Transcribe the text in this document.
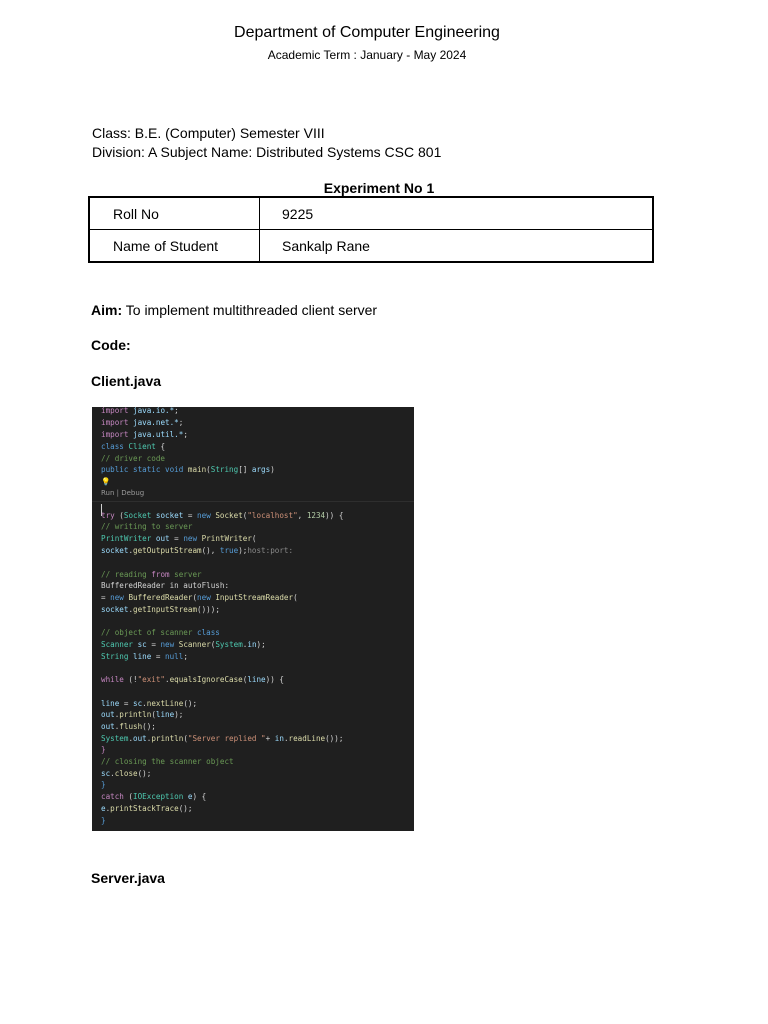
Department of Computer Engineering
Academic Term : January - May 2024
Class: B.E. (Computer) Semester VIII
Division: A Subject Name: Distributed Systems CSC 801
Experiment No 1
Roll No	9225
Name of Student	Sankalp Rane
Aim: To implement multithreaded client server
Code:
Client.java
import java.io.*;
import java.net.*;
import java.util.*;
class Client {
// driver code
public static void main(String[] args)
💡
Run | Debug
try (Socket socket = new Socket("localhost", 1234)) {
// writing to server
PrintWriter out = new PrintWriter(
socket.getOutputStream(), true);host:port:
// reading from server
BufferedReader in autoFlush:
= new BufferedReader(new InputStreamReader(
socket.getInputStream()));
// object of scanner class
Scanner sc = new Scanner(System.in);
String line = null;
while (!"exit".equalsIgnoreCase(line)) {
line = sc.nextLine();
out.println(line);
out.flush();
System.out.println("Server replied "+ in.readLine());
}
// closing the scanner object
sc.close();
}
catch (IOException e) {
e.printStackTrace();
}
Server.java
